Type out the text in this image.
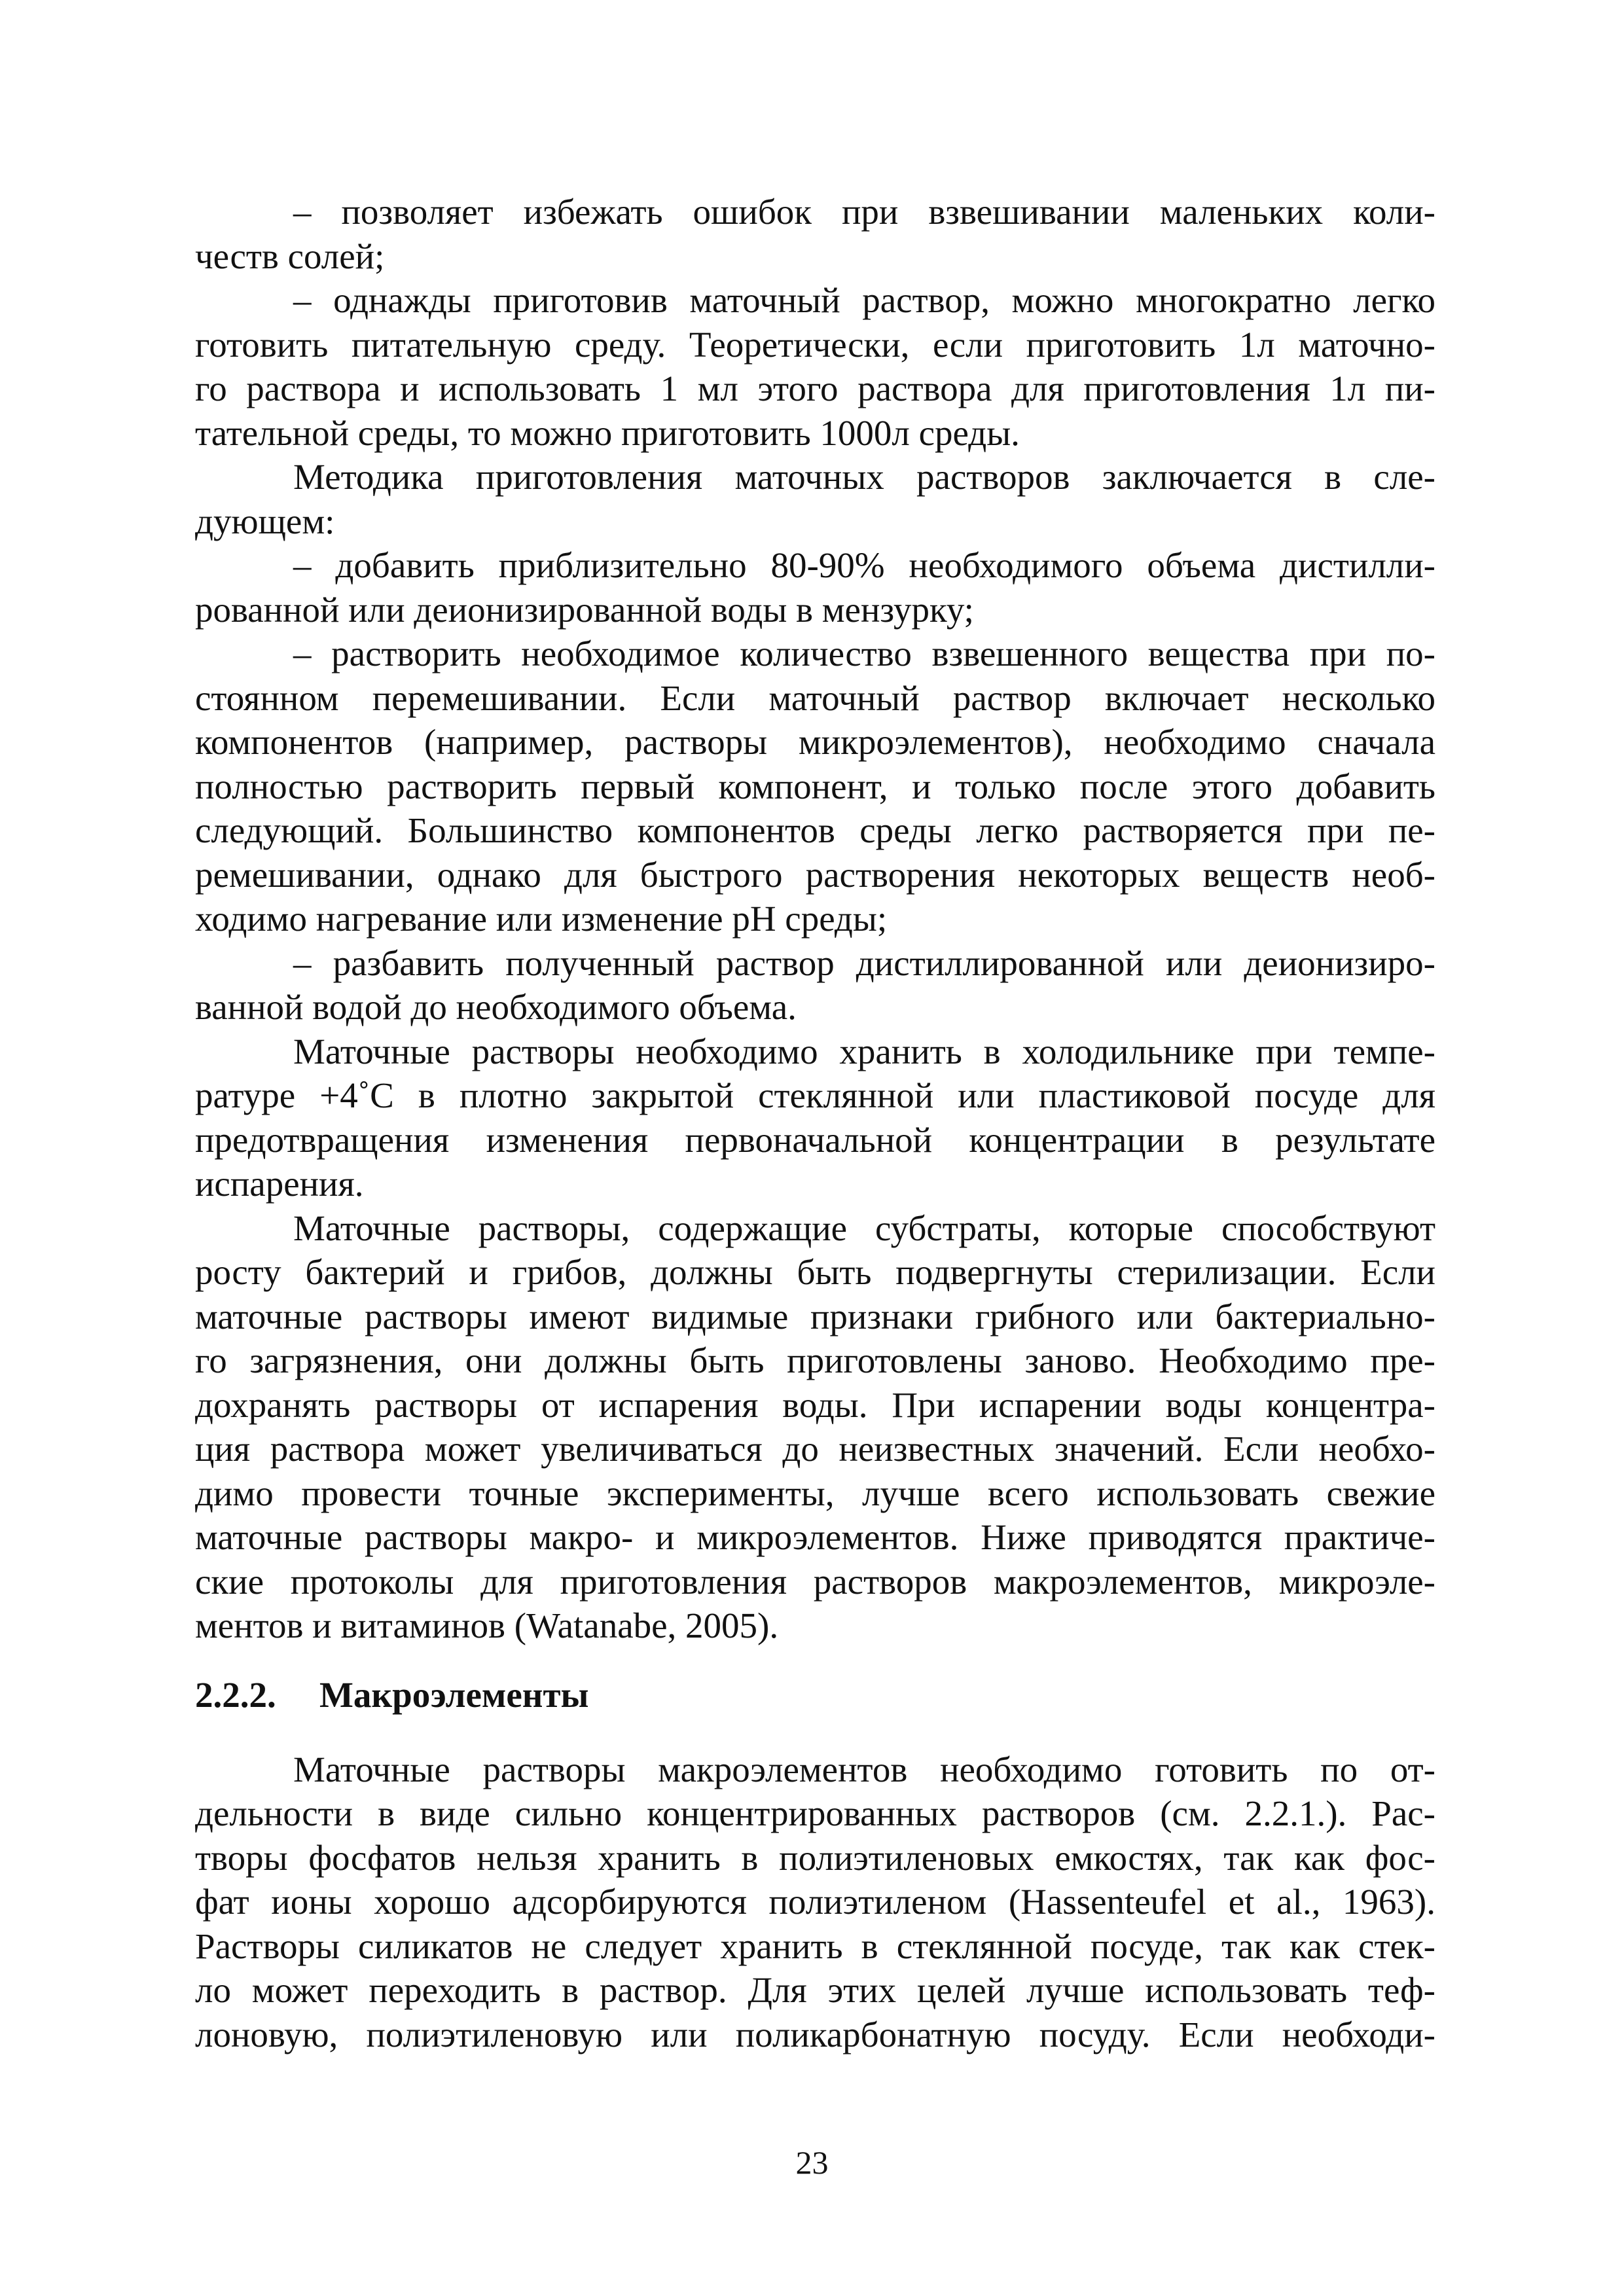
– позволяет избежать ошибок при взвешивании маленьких коли-
честв солей;
– однажды приготовив маточный раствор, можно многократно легко
готовить питательную среду. Теоретически, если приготовить 1л маточно-
го раствора и использовать 1 мл этого раствора для приготовления 1л пи-
тательной среды, то можно приготовить 1000л среды.
Методика приготовления маточных растворов заключается в сле-
дующем:
– добавить приблизительно 80-90% необходимого объема дистилли-
рованной или деионизированной воды в мензурку;
– растворить необходимое количество взвешенного вещества при по-
стоянном перемешивании. Если маточный раствор включает несколько
компонентов (например, растворы микроэлементов), необходимо сначала
полностью растворить первый компонент, и только после этого добавить
следующий. Большинство компонентов среды легко растворяется при пе-
ремешивании, однако для быстрого растворения некоторых веществ необ-
ходимо нагревание или изменение pH среды;
– разбавить полученный раствор дистиллированной или деионизиро-
ванной водой до необходимого объема.
Маточные растворы необходимо хранить в холодильнике при темпе-
ратуре +4˚С в плотно закрытой стеклянной или пластиковой посуде для
предотвращения изменения первоначальной концентрации в результате
испарения.
Маточные растворы, содержащие субстраты, которые способствуют
росту бактерий и грибов, должны быть подвергнуты стерилизации. Если
маточные растворы имеют видимые признаки грибного или бактериально-
го загрязнения, они должны быть приготовлены заново. Необходимо пре-
дохранять растворы от испарения воды. При испарении воды концентра-
ция раствора может увеличиваться до неизвестных значений. Если необхо-
димо провести точные эксперименты, лучше всего использовать свежие
маточные растворы макро- и микроэлементов. Ниже приводятся практиче-
ские протоколы для приготовления растворов макроэлементов, микроэле-
ментов и витаминов (Watanabe, 2005).
2.2.2. Макроэлементы
Маточные растворы макроэлементов необходимо готовить по от-
дельности в виде сильно концентрированных растворов (см. 2.2.1.). Рас-
творы фосфатов нельзя хранить в полиэтиленовых емкостях, так как фос-
фат ионы хорошо адсорбируются полиэтиленом (Hassenteufel et al., 1963).
Растворы силикатов не следует хранить в стеклянной посуде, так как стек-
ло может переходить в раствор. Для этих целей лучше использовать теф-
лоновую, полиэтиленовую или поликарбонатную посуду. Если необходи-
23
